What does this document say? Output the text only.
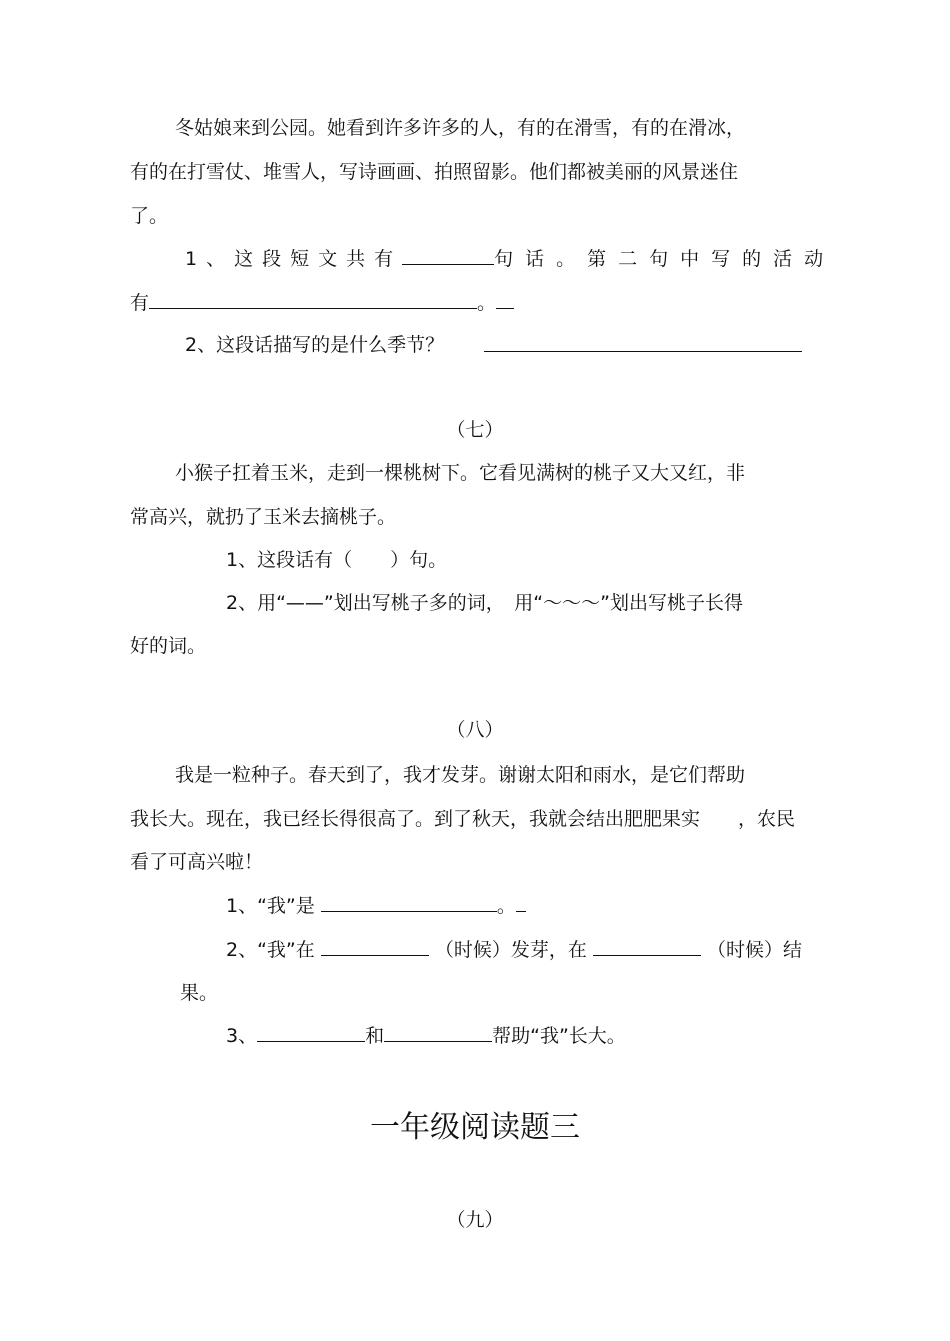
冬姑娘来到公园。她看到许多许多的人，有的在滑雪，有的在滑冰，
有的在打雪仗、堆雪人，写诗画画、拍照留影。他们都被美丽的风景迷住
了。
1、这段短文共有	句话。第二句中写的活动
有	。
2、这段话描写的是什么季节？
（七）
小猴子扛着玉米，走到一棵桃树下。它看见满树的桃子又大又红，非
常高兴，就扔了玉米去摘桃子。
1、这段话有（　　）句。
2、用“——”划出写桃子多的词，　用“～～～”划出写桃子长得
好的词。
（八）
我是一粒种子。春天到了，我才发芽。谢谢太阳和雨水，是它们帮助
我长大。现在，我已经长得很高了。到了秋天，我就会结出肥肥果实　　，农民
看了可高兴啦！
1、“我”是	。
2、“我”在	（时候）发芽，在	（时候）结
果。
3、	和	帮助“我”长大。
一年级阅读题三
（九）
